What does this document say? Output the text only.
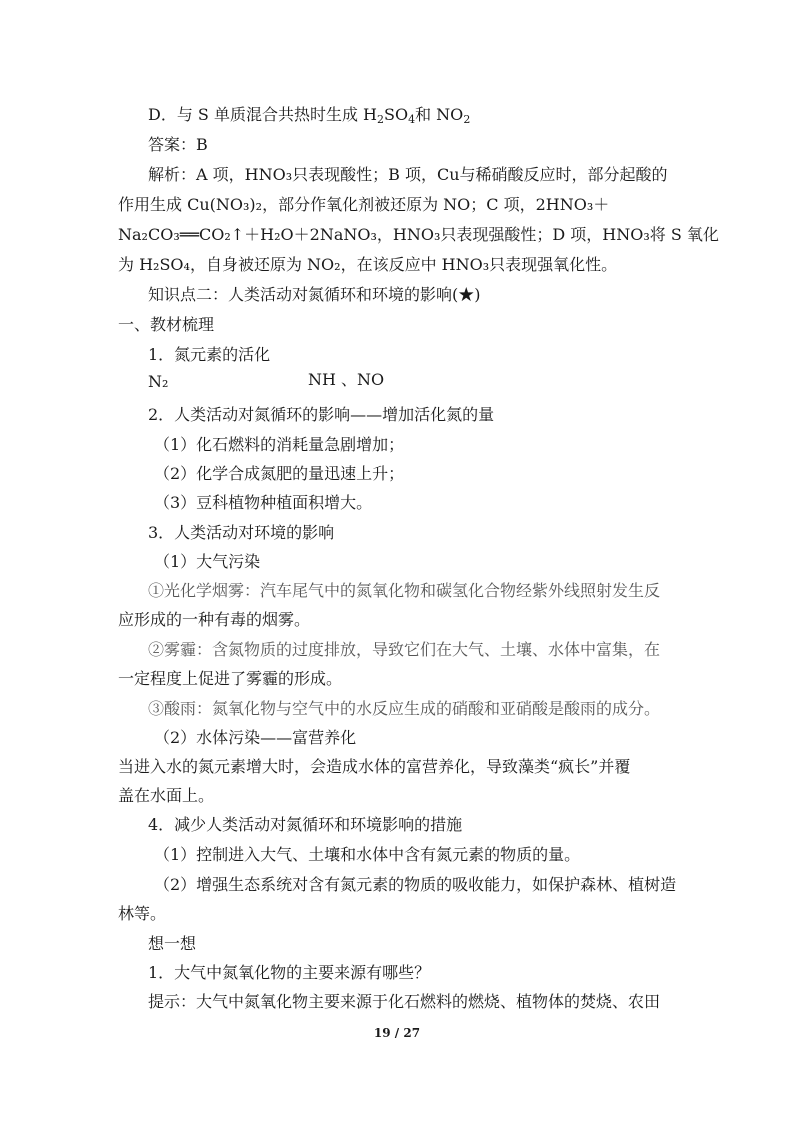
D．与 S 单质混合共热时生成 $H_2SO_4$和 $NO_2$
答案：B
解析：A 项，HNO₃只表现酸性；B 项，Cu与稀硝酸反应时，部分起酸的
作用生成 Cu(NO₃)₂，部分作氧化剂被还原为 NO；C 项，2HNO₃＋
Na₂CO₃══CO₂↑＋H₂O＋2NaNO₃，HNO₃只表现强酸性；D 项，HNO₃将 S 氧化
为 H₂SO₄，自身被还原为 NO₂，在该反应中 HNO₃只表现强氧化性。
知识点二：人类活动对氮循环和环境的影响(★)
一、教材梳理
1．氮元素的活化
N₂	NH 、NO
2．人类活动对氮循环的影响——增加活化氮的量
（1）化石燃料的消耗量急剧增加；
（2）化学合成氮肥的量迅速上升；
（3）豆科植物种植面积增大。
3．人类活动对环境的影响
（1）大气污染
①光化学烟雾：汽车尾气中的氮氧化物和碳氢化合物经紫外线照射发生反
应形成的一种有毒的烟雾。
②雾霾：含氮物质的过度排放，导致它们在大气、土壤、水体中富集，在
一定程度上促进了雾霾的形成。
③酸雨：氮氧化物与空气中的水反应生成的硝酸和亚硝酸是酸雨的成分。
（2）水体污染——富营养化
当进入水的氮元素增大时，会造成水体的富营养化，导致藻类“疯长”并覆
盖在水面上。
4．减少人类活动对氮循环和环境影响的措施
（1）控制进入大气、土壤和水体中含有氮元素的物质的量。
（2）增强生态系统对含有氮元素的物质的吸收能力，如保护森林、植树造
林等。
想一想
1．大气中氮氧化物的主要来源有哪些？
提示：大气中氮氧化物主要来源于化石燃料的燃烧、植物体的焚烧、农田
19 / 27
